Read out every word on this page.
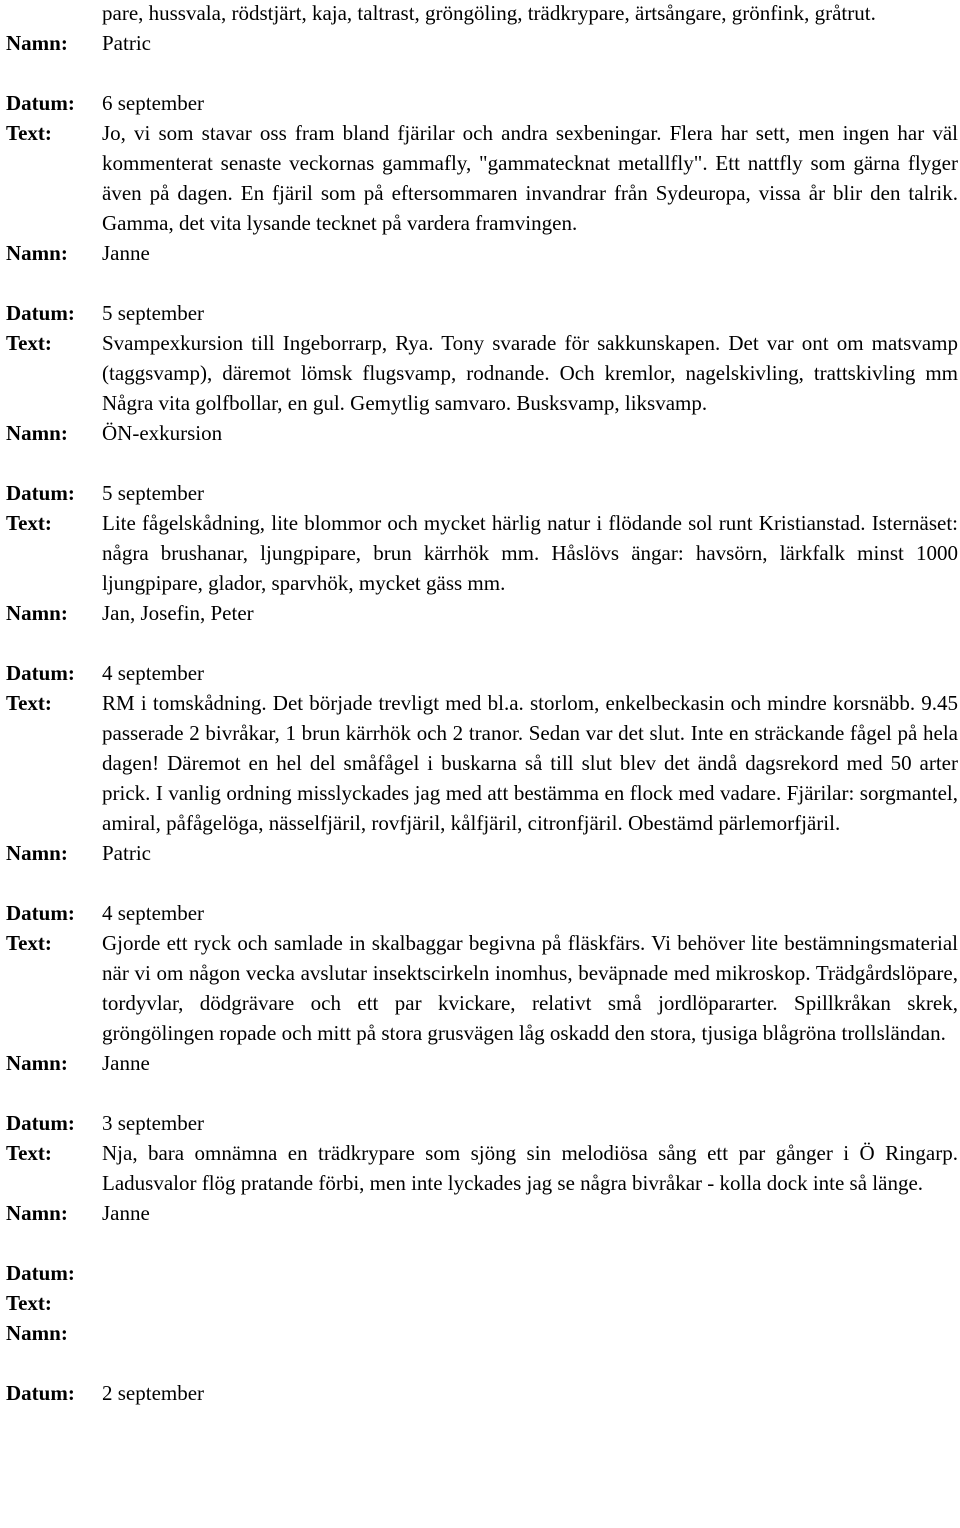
pare, hussvala, rödstjärt, kaja, taltrast, gröngöling, trädkrypare, ärtsångare, grönfink, gråtrut.
Namn:	Patric
Datum:	6 september
Text:	Jo, vi som stavar oss fram bland fjärilar och andra sexbeningar. Flera har sett, men ingen har väl kommenterat senaste veckornas gammafly, "gammatecknat metallfly". Ett nattfly som gärna flyger även på dagen. En fjäril som på eftersommaren invandrar från Sydeuropa, vissa år blir den talrik. Gamma, det vita lysande tecknet på vardera framvingen.
Namn:	Janne
Datum:	5 september
Text:	Svampexkursion till Ingeborrarp, Rya. Tony svarade för sakkunskapen. Det var ont om matsvamp (taggsvamp), däremot lömsk flugsvamp, rodnande. Och kremlor, nagelskivling, trattskivling mm Några vita golfbollar, en gul. Gemytlig samvaro. Busksvamp, liksvamp.
Namn:	ÖN-exkursion
Datum:	5 september
Text:	Lite fågelskådning, lite blommor och mycket härlig natur i flödande sol runt Kristianstad. Isternäset: några brushanar, ljungpipare, brun kärrhök mm. Håslövs ängar: havsörn, lärkfalk minst 1000 ljungpipare, glador, sparvhök, mycket gäss mm.
Namn:	Jan, Josefin, Peter
Datum:	4 september
Text:	RM i tomskådning. Det började trevligt med bl.a. storlom, enkelbeckasin och mindre korsnäbb. 9.45 passerade 2 bivråkar, 1 brun kärrhök och 2 tranor. Sedan var det slut. Inte en sträckande fågel på hela dagen! Däremot en hel del småfågel i buskarna så till slut blev det ändå dagsrekord med 50 arter prick. I vanlig ordning misslyckades jag med att bestämma en flock med vadare. Fjärilar: sorgmantel, amiral, påfågelöga, nässelfjäril, rovfjäril, kålfjäril, citronfjäril. Obestämd pärlemorfjäril.
Namn:	Patric
Datum:	4 september
Text:	Gjorde ett ryck och samlade in skalbaggar begivna på fläskfärs. Vi behöver lite bestämningsmaterial när vi om någon vecka avslutar insektscirkeln inomhus, beväpnade med mikroskop. Trädgårdslöpare, tordyvlar, dödgrävare och ett par kvickare, relativt små jordlöpararter. Spillkråkan skrek, gröngölingen ropade och mitt på stora grusvägen låg oskadd den stora, tjusiga blågröna trollsländan.
Namn:	Janne
Datum:	3 september
Text:	Nja, bara omnämna en trädkrypare som sjöng sin melodiösa sång ett par gånger i Ö Ringarp. Ladusvalor flög pratande förbi, men inte lyckades jag se några bivråkar - kolla dock inte så länge.
Namn:	Janne
Datum:
Text:
Namn:
Datum:	2 september
